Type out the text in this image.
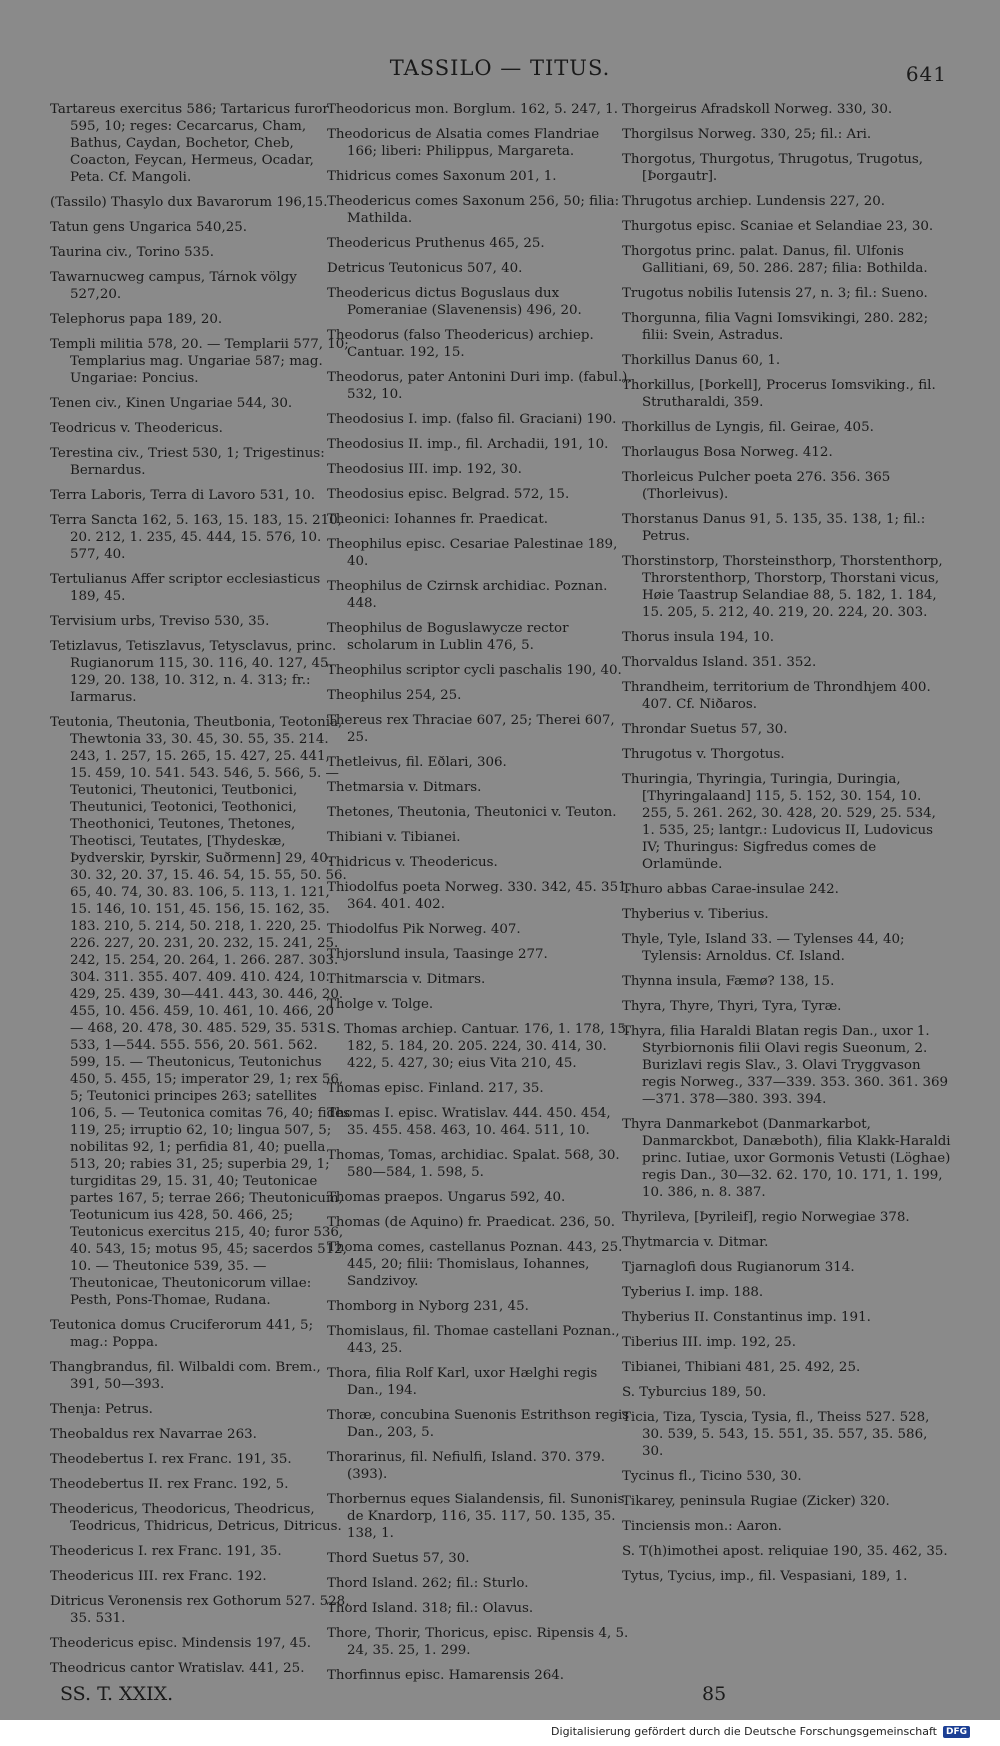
TASSILO — TITUS.	641
Tartareus exercitus 586; Tartaricus furor 595, 10; reges: Cecarcarus, Cham, Bathus, Caydan, Bochetor, Cheb, Coacton, Feycan, Hermeus, Ocadar, Peta. Cf. Mangoli.
(Tassilo) Thasylo dux Bavarorum 196,15.
Tatun gens Ungarica 540,25.
Taurina civ., Torino 535.
Tawarnucweg campus, Tárnok völgy 527,20.
Telephorus papa 189, 20.
Templi militia 578, 20. — Templarii 577, 10; Templarius mag. Ungariae 587; mag. Ungariae: Poncius.
Tenen civ., Kinen Ungariae 544, 30.
Teodricus v. Theodericus.
Terestina civ., Triest 530, 1; Trigestinus: Bernardus.
Terra Laboris, Terra di Lavoro 531, 10.
Terra Sancta 162, 5. 163, 15. 183, 15. 210, 20. 212, 1. 235, 45. 444, 15. 576, 10. 577, 40.
Tertulianus Affer scriptor ecclesiasticus 189, 45.
Tervisium urbs, Treviso 530, 35.
Tetizlavus, Tetiszlavus, Tetysclavus, princ. Rugianorum 115, 30. 116, 40. 127, 45. 129, 20. 138, 10. 312, n. 4. 313; fr.: Iarmarus.
Teutonia, Theutonia, Theutbonia, Teotonia, Thewtonia 33, 30. 45, 30. 55, 35. 214. 243, 1. 257, 15. 265, 15. 427, 25. 441, 15. 459, 10. 541. 543. 546, 5. 566, 5. — Teutonici, Theutonici, Teutbonici, Theutunici, Teotonici, Teothonici, Theothonici, Teutones, Thetones, Theotisci, Teutates, [Thydeskæ, Þydverskir, Þyrskir, Suðrmenn] 29, 40. 30. 32, 20. 37, 15. 46. 54, 15. 55, 50. 56. 65, 40. 74, 30. 83. 106, 5. 113, 1. 121, 15. 146, 10. 151, 45. 156, 15. 162, 35. 183. 210, 5. 214, 50. 218, 1. 220, 25. 226. 227, 20. 231, 20. 232, 15. 241, 25. 242, 15. 254, 20. 264, 1. 266. 287. 303. 304. 311. 355. 407. 409. 410. 424, 10. 429, 25. 439, 30—441. 443, 30. 446, 20. 455, 10. 456. 459, 10. 461, 10. 466, 20 — 468, 20. 478, 30. 485. 529, 35. 531. 533, 1—544. 555. 556, 20. 561. 562. 599, 15. — Theutonicus, Teutonichus 450, 5. 455, 15; imperator 29, 1; rex 56, 5; Teutonici principes 263; satellites 106, 5. — Teutonica comitas 76, 40; fides 119, 25; irruptio 62, 10; lingua 507, 5; nobilitas 92, 1; perfidia 81, 40; puella 513, 20; rabies 31, 25; superbia 29, 1; turgiditas 29, 15. 31, 40; Teutonicae partes 167, 5; terrae 266; Theutonicum, Teotunicum ius 428, 50. 466, 25; Teutonicus exercitus 215, 40; furor 536, 40. 543, 15; motus 95, 45; sacerdos 512, 10. — Theutonice 539, 35. — Theutonicae, Theutonicorum villae: Pesth, Pons-Thomae, Rudana.
Teutonica domus Cruciferorum 441, 5; mag.: Poppa.
Thangbrandus, fil. Wilbaldi com. Brem., 391, 50—393.
Thenja: Petrus.
Theobaldus rex Navarrae 263.
Theodebertus I. rex Franc. 191, 35.
Theodebertus II. rex Franc. 192, 5.
Theodericus, Theodoricus, Theodricus, Teodricus, Thidricus, Detricus, Ditricus.
Theodericus I. rex Franc. 191, 35.
Theodericus III. rex Franc. 192.
Ditricus Veronensis rex Gothorum 527. 528, 35. 531.
Theodericus episc. Mindensis 197, 45.
Theodricus cantor Wratislav. 441, 25.
Theodoricus mon. Borglum. 162, 5. 247, 1.
Theodoricus de Alsatia comes Flandriae 166; liberi: Philippus, Margareta.
Thidricus comes Saxonum 201, 1.
Theodericus comes Saxonum 256, 50; filia: Mathilda.
Theodericus Pruthenus 465, 25.
Detricus Teutonicus 507, 40.
Theodericus dictus Boguslaus dux Pomeraniae (Slavenensis) 496, 20.
Theodorus (falso Theodericus) archiep. Cantuar. 192, 15.
Theodorus, pater Antonini Duri imp. (fabul.), 532, 10.
Theodosius I. imp. (falso fil. Graciani) 190.
Theodosius II. imp., fil. Archadii, 191, 10.
Theodosius III. imp. 192, 30.
Theodosius episc. Belgrad. 572, 15.
Theonici: Iohannes fr. Praedicat.
Theophilus episc. Cesariae Palestinae 189, 40.
Theophilus de Czirnsk archidiac. Poznan. 448.
Theophilus de Boguslawycze rector scholarum in Lublin 476, 5.
Theophilus scriptor cycli paschalis 190, 40.
Theophilus 254, 25.
Thereus rex Thraciae 607, 25; Therei 607, 25.
Thetleivus, fil. Eðlari, 306.
Thetmarsia v. Ditmars.
Thetones, Theutonia, Theutonici v. Teuton.
Thibiani v. Tibianei.
Thidricus v. Theodericus.
Thiodolfus poeta Norweg. 330. 342, 45. 351. 364. 401. 402.
Thiodolfus Pik Norweg. 407.
Thjorslund insula, Taasinge 277.
Thitmarscia v. Ditmars.
Tholge v. Tolge.
S. Thomas archiep. Cantuar. 176, 1. 178, 15. 182, 5. 184, 20. 205. 224, 30. 414, 30. 422, 5. 427, 30; eius Vita 210, 45.
Thomas episc. Finland. 217, 35.
Thomas I. episc. Wratislav. 444. 450. 454, 35. 455. 458. 463, 10. 464. 511, 10.
Thomas, Tomas, archidiac. Spalat. 568, 30. 580—584, 1. 598, 5.
Thomas praepos. Ungarus 592, 40.
Thomas (de Aquino) fr. Praedicat. 236, 50.
Thoma comes, castellanus Poznan. 443, 25. 445, 20; filii: Thomislaus, Iohannes, Sandzivoy.
Thomborg in Nyborg 231, 45.
Thomislaus, fil. Thomae castellani Poznan., 443, 25.
Thora, filia Rolf Karl, uxor Hælghi regis Dan., 194.
Thoræ, concubina Suenonis Estrithson regis Dan., 203, 5.
Thorarinus, fil. Nefiulfi, Island. 370. 379. (393).
Thorbernus eques Sialandensis, fil. Sunonis de Knardorp, 116, 35. 117, 50. 135, 35. 138, 1.
Thord Suetus 57, 30.
Thord Island. 262; fil.: Sturlo.
Thord Island. 318; fil.: Olavus.
Thore, Thorir, Thoricus, episc. Ripensis 4, 5. 24, 35. 25, 1. 299.
Thorfinnus episc. Hamarensis 264.
Thorgeirus Afradskoll Norweg. 330, 30.
Thorgilsus Norweg. 330, 25; fil.: Ari.
Thorgotus, Thurgotus, Thrugotus, Trugotus, [Þorgautr].
Thrugotus archiep. Lundensis 227, 20.
Thurgotus episc. Scaniae et Selandiae 23, 30.
Thorgotus princ. palat. Danus, fil. Ulfonis Gallitiani, 69, 50. 286. 287; filia: Bothilda.
Trugotus nobilis Iutensis 27, n. 3; fil.: Sueno.
Thorgunna, filia Vagni Iomsvikingi, 280. 282; filii: Svein, Astradus.
Thorkillus Danus 60, 1.
Thorkillus, [Þorkell], Procerus Iomsviking., fil. Strutharaldi, 359.
Thorkillus de Lyngis, fil. Geirae, 405.
Thorlaugus Bosa Norweg. 412.
Thorleicus Pulcher poeta 276. 356. 365 (Thorleivus).
Thorstanus Danus 91, 5. 135, 35. 138, 1; fil.: Petrus.
Thorstinstorp, Thorsteinsthorp, Thorstenthorp, Throrstenthorp, Thorstorp, Thorstani vicus, Høie Taastrup Selandiae 88, 5. 182, 1. 184, 15. 205, 5. 212, 40. 219, 20. 224, 20. 303.
Thorus insula 194, 10.
Thorvaldus Island. 351. 352.
Thrandheim, territorium de Throndhjem 400. 407. Cf. Niðaros.
Throndar Suetus 57, 30.
Thrugotus v. Thorgotus.
Thuringia, Thyringia, Turingia, Duringia, [Thyringalaand] 115, 5. 152, 30. 154, 10. 255, 5. 261. 262, 30. 428, 20. 529, 25. 534, 1. 535, 25; lantgr.: Ludovicus II, Ludovicus IV; Thuringus: Sigfredus comes de Orlamünde.
Thuro abbas Carae-insulae 242.
Thyberius v. Tiberius.
Thyle, Tyle, Island 33. — Tylenses 44, 40; Tylensis: Arnoldus. Cf. Island.
Thynna insula, Fæmø? 138, 15.
Thyra, Thyre, Thyri, Tyra, Tyræ.
Thyra, filia Haraldi Blatan regis Dan., uxor 1. Styrbiornonis filii Olavi regis Sueonum, 2. Burizlavi regis Slav., 3. Olavi Tryggvason regis Norweg., 337—339. 353. 360. 361. 369—371. 378—380. 393. 394.
Thyra Danmarkebot (Danmarkarbot, Danmarckbot, Danæboth), filia Klakk-Haraldi princ. Iutiae, uxor Gormonis Vetusti (Löghae) regis Dan., 30—32. 62. 170, 10. 171, 1. 199, 10. 386, n. 8. 387.
Thyrileva, [Þyrileif], regio Norwegiae 378.
Thytmarcia v. Ditmar.
Tjarnaglofi dous Rugianorum 314.
Tyberius I. imp. 188.
Thyberius II. Constantinus imp. 191.
Tiberius III. imp. 192, 25.
Tibianei, Thibiani 481, 25. 492, 25.
S. Tyburcius 189, 50.
Ticia, Tiza, Tyscia, Tysia, fl., Theiss 527. 528, 30. 539, 5. 543, 15. 551, 35. 557, 35. 586, 30.
Tycinus fl., Ticino 530, 30.
Tikarey, peninsula Rugiae (Zicker) 320.
Tinciensis mon.: Aaron.
S. T(h)imothei apost. reliquiae 190, 35. 462, 35.
Tytus, Tycius, imp., fil. Vespasiani, 189, 1.
SS. T. XXIX.	85
Digitalisierung gefördert durch die Deutsche Forschungsgemeinschaft	DFG
